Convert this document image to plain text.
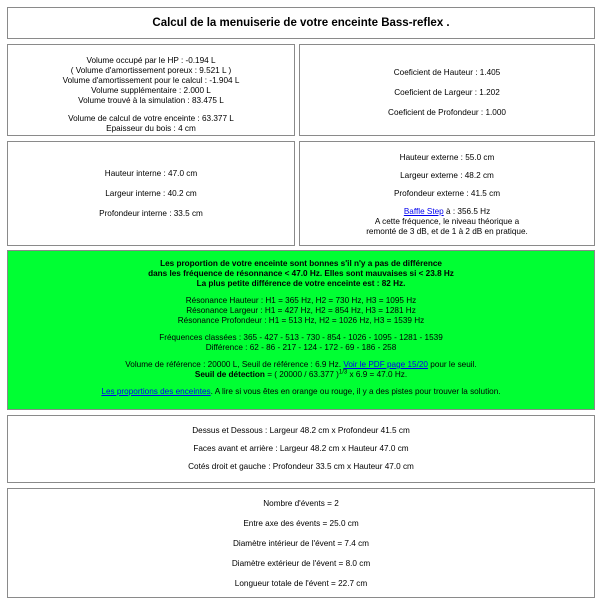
Calcul de la menuiserie de votre enceinte Bass-reflex .
Volume occupé par le HP : -0.194 L
( Volume d'amortissement poreux : 9.521 L )
Volume d'amortissement pour le calcul : -1.904 L
Volume supplémentaire : 2.000 L
Volume trouvé à la simulation : 83.475 L
Volume de calcul de votre enceinte : 63.377 L
Epaisseur du bois : 4 cm
Coeficient de Hauteur : 1.405
Coeficient de Largeur : 1.202
Coeficient de Profondeur : 1.000
Hauteur interne : 47.0 cm
Largeur interne : 40.2 cm
Profondeur interne : 33.5 cm
Hauteur externe : 55.0 cm
Largeur externe : 48.2 cm
Profondeur externe : 41.5 cm
Baffle Step à : 356.5 Hz
A cette fréquence, le niveau théorique a
remonté de 3 dB, et de 1 à 2 dB en pratique.
Les proportion de votre enceinte sont bonnes s'il n'y a pas de différence
dans les fréquence de résonnance < 47.0 Hz. Elles sont mauvaises si < 23.8 Hz
La plus petite différence de votre enceinte est : 82 Hz.
Résonance Hauteur : H1 = 365 Hz, H2 = 730 Hz, H3 = 1095 Hz
Résonance Largeur : H1 = 427 Hz, H2 = 854 Hz, H3 = 1281 Hz
Résonance Profondeur : H1 = 513 Hz, H2 = 1026 Hz, H3 = 1539 Hz
Fréquences classées : 365 - 427 - 513 - 730 - 854 - 1026 - 1095 - 1281 - 1539
Différence : 62 - 86 - 217 - 124 - 172 - 69 - 186 - 258
Volume de référence : 20000 L, Seuil de référence : 6.9 Hz. Voir le PDF page 15/20 pour le seuil.
Seuil de détection = ( 20000 / 63.377 )$^{1/3}$ x 6.9 = 47.0 Hz.
Les proportions des enceintes. A lire si vous êtes en orange ou rouge, il y a des pistes pour trouver la solution.
Dessus et Dessous : Largeur 48.2 cm x Profondeur 41.5 cm
Faces avant et arrière : Largeur 48.2 cm x Hauteur 47.0 cm
Cotés droit et gauche : Profondeur 33.5 cm x Hauteur 47.0 cm
Nombre d'évents = 2
Entre axe des évents = 25.0 cm
Diamètre intérieur de l'évent = 7.4 cm
Diamètre extérieur de l'évent = 8.0 cm
Longueur totale de l'évent = 22.7 cm
